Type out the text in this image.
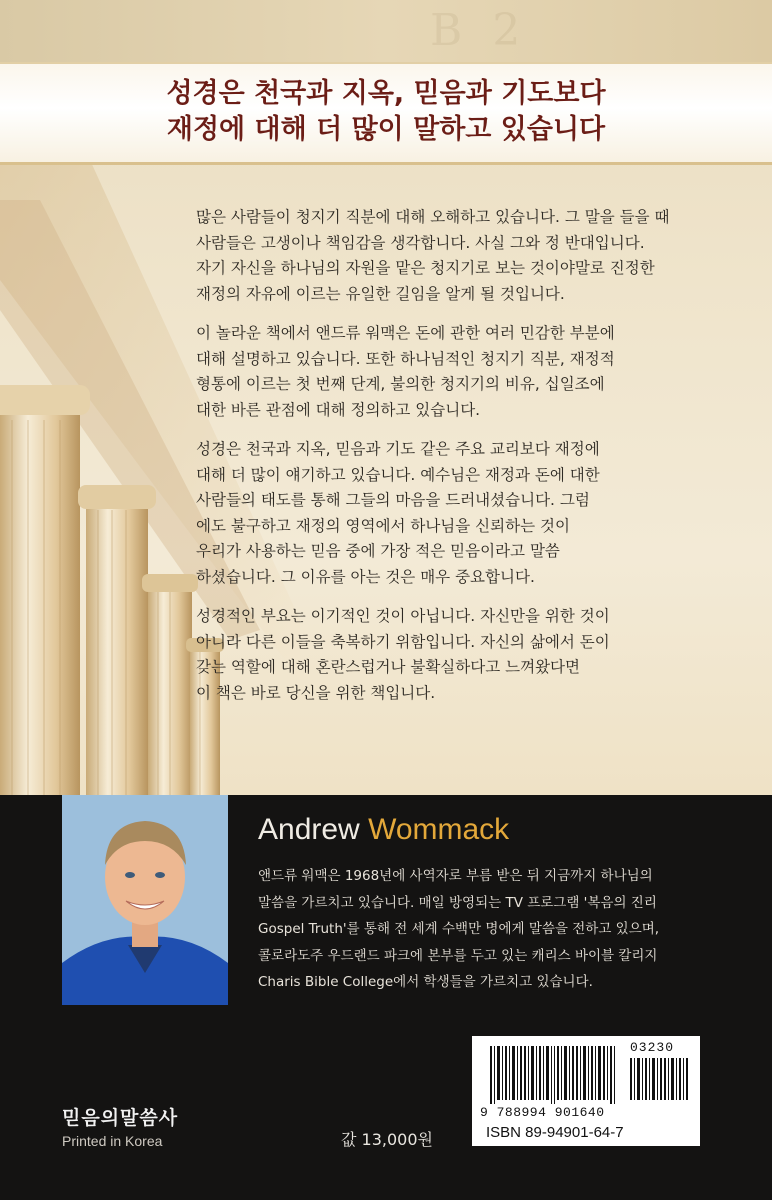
B 2
성경은 천국과 지옥, 믿음과 기도보다
재정에 대해 더 많이 말하고 있습니다

많은 사람들이 청지기 직분에 대해 오해하고 있습니다. 그 말을 들을 때
사람들은 고생이나 책임감을 생각합니다. 사실 그와 정 반대입니다.
자기 자신을 하나님의 자원을 맡은 청지기로 보는 것이야말로 진정한
재정의 자유에 이르는 유일한 길임을 알게 될 것입니다.

이 놀라운 책에서 앤드류 워맥은 돈에 관한 여러 민감한 부분에
대해 설명하고 있습니다. 또한 하나님적인 청지기 직분, 재정적
형통에 이르는 첫 번째 단계, 불의한 청지기의 비유, 십일조에
대한 바른 관점에 대해 정의하고 있습니다.

성경은 천국과 지옥, 믿음과 기도 같은 주요 교리보다 재정에
대해 더 많이 얘기하고 있습니다. 예수님은 재정과 돈에 대한
사람들의 태도를 통해 그들의 마음을 드러내셨습니다. 그럼
에도 불구하고 재정의 영역에서 하나님을 신뢰하는 것이
우리가 사용하는 믿음 중에 가장 적은 믿음이라고 말씀
하셨습니다. 그 이유를 아는 것은 매우 중요합니다.

성경적인 부요는 이기적인 것이 아닙니다. 자신만을 위한 것이
아니라 다른 이들을 축복하기 위함입니다. 자신의 삶에서 돈이
갖는 역할에 대해 혼란스럽거나 불확실하다고 느껴왔다면
이 책은 바로 당신을 위한 책입니다.

Andrew Wommack
앤드류 워맥은 1968년에 사역자로 부름 받은 뒤 지금까지 하나님의
말씀을 가르치고 있습니다. 매일 방영되는 TV 프로그램 '복음의 진리
Gospel Truth'를 통해 전 세계 수백만 명에게 말씀을 전하고 있으며,
콜로라도주 우드랜드 파크에 본부를 두고 있는 캐리스 바이블 칼리지
Charis Bible College에서 학생들을 가르치고 있습니다.
믿음의말씀사
Printed in Korea	값 13,000원
03230
9 788994 901640
ISBN 89-94901-64-7
